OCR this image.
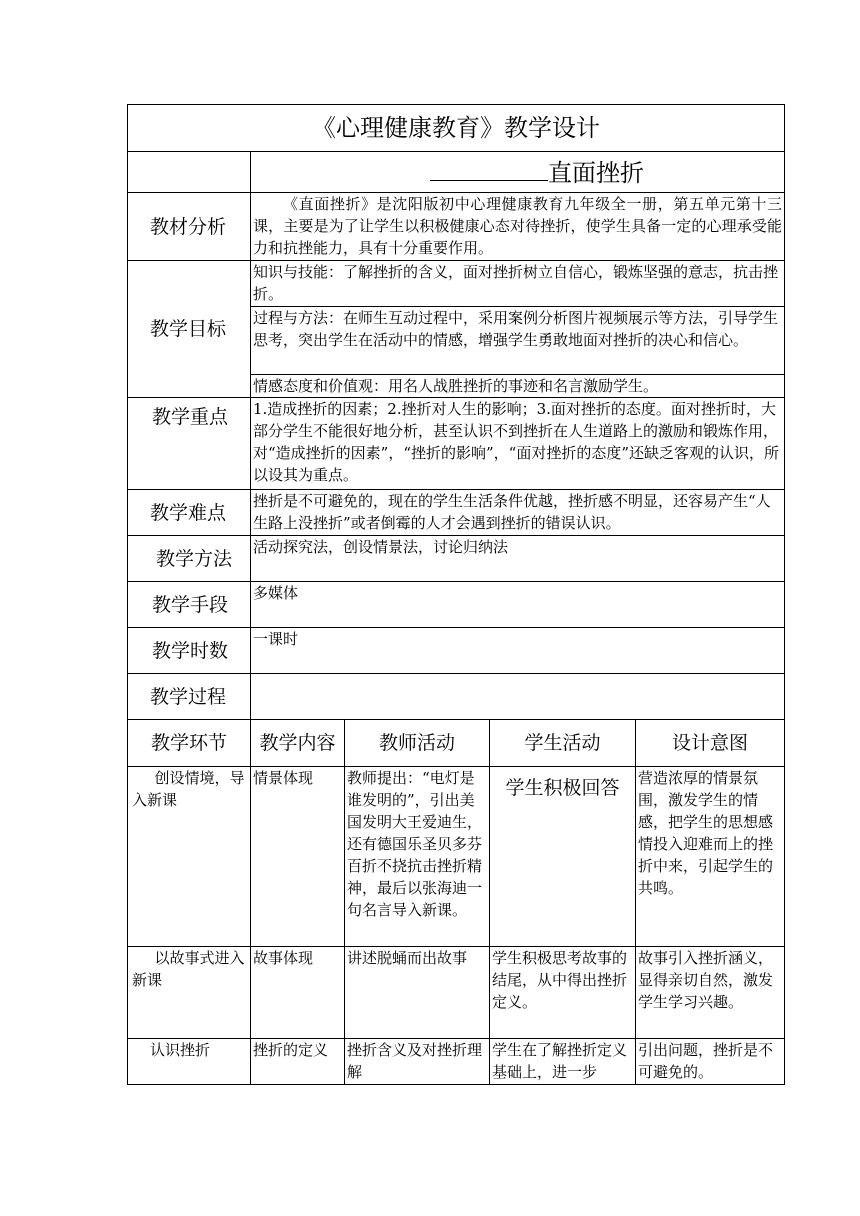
《心理健康教育》教学设计				
	直面挫折			
教材分析	《直面挫折》是沈阳版初中心理健康教育九年级全一册，第五单元第十三课，主要是为了让学生以积极健康心态对待挫折，使学生具备一定的心理承受能力和抗挫能力，具有十分重要作用。			
教学目标	知识与技能：了解挫折的含义，面对挫折树立自信心，锻炼坚强的意志，抗击挫折。			
	过程与方法：在师生互动过程中，采用案例分析图片视频展示等方法，引导学生思考，突出学生在活动中的情感，增强学生勇敢地面对挫折的决心和信心。			
	情感态度和价值观：用名人战胜挫折的事迹和名言激励学生。			
教学重点	1.造成挫折的因素；2.挫折对人生的影响；3.面对挫折的态度。面对挫折时，大部分学生不能很好地分析，甚至认识不到挫折在人生道路上的激励和锻炼作用，对“造成挫折的因素”，“挫折的影响”，“面对挫折的态度”还缺乏客观的认识，所以设其为重点。			
教学难点	挫折是不可避免的，现在的学生生活条件优越，挫折感不明显，还容易产生“人生路上没挫折”或者倒霉的人才会遇到挫折的错误认识。			
教学方法	活动探究法，创设情景法，讨论归纳法			
教学手段	多媒体			
教学时数	一课时			
教学过程				
教学环节	教学内容	教师活动	学生活动	设计意图
创设情境，导入新课	情景体现	教师提出：“电灯是谁发明的”，引出美国发明大王爱迪生，还有德国乐圣贝多芬百折不挠抗击挫折精神，最后以张海迪一句名言导入新课。	学生积极回答	营造浓厚的情景氛围，激发学生的情感，把学生的思想感情投入迎难而上的挫折中来，引起学生的共鸣。
以故事式进入新课	故事体现	讲述脱蛹而出故事	学生积极思考故事的结尾，从中得出挫折定义。	故事引入挫折涵义，显得亲切自然，激发学生学习兴趣。
认识挫折	挫折的定义	挫折含义及对挫折理解	学生在了解挫折定义基础上，进一步	引出问题，挫折是不可避免的。
